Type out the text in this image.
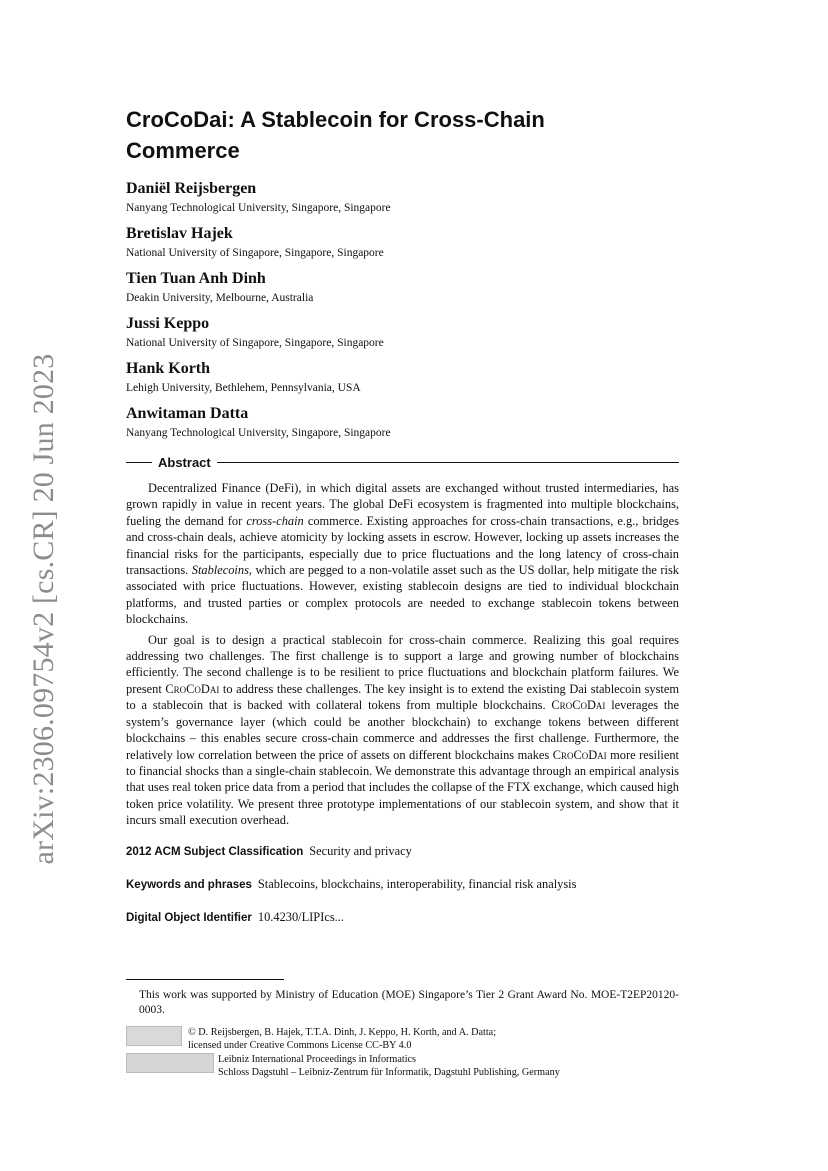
arXiv:2306.09754v2 [cs.CR] 20 Jun 2023
CroCoDai: A Stablecoin for Cross-Chain Commerce
Daniël Reijsbergen
Nanyang Technological University, Singapore, Singapore
Bretislav Hajek
National University of Singapore, Singapore, Singapore
Tien Tuan Anh Dinh
Deakin University, Melbourne, Australia
Jussi Keppo
National University of Singapore, Singapore, Singapore
Hank Korth
Lehigh University, Bethlehem, Pennsylvania, USA
Anwitaman Datta
Nanyang Technological University, Singapore, Singapore
Abstract

Decentralized Finance (DeFi), in which digital assets are exchanged without trusted intermediaries, has grown rapidly in value in recent years. The global DeFi ecosystem is fragmented into multiple blockchains, fueling the demand for cross-chain commerce. Existing approaches for cross-chain transactions, e.g., bridges and cross-chain deals, achieve atomicity by locking assets in escrow. However, locking up assets increases the financial risks for the participants, especially due to price fluctuations and the long latency of cross-chain transactions. Stablecoins, which are pegged to a non-volatile asset such as the US dollar, help mitigate the risk associated with price fluctuations. However, existing stablecoin designs are tied to individual blockchain platforms, and trusted parties or complex protocols are needed to exchange stablecoin tokens between blockchains.

Our goal is to design a practical stablecoin for cross-chain commerce. Realizing this goal requires addressing two challenges. The first challenge is to support a large and growing number of blockchains efficiently. The second challenge is to be resilient to price fluctuations and blockchain platform failures. We present CroCoDai to address these challenges. The key insight is to extend the existing Dai stablecoin system to a stablecoin that is backed with collateral tokens from multiple blockchains. CroCoDai leverages the system’s governance layer (which could be another blockchain) to exchange tokens between different blockchains – this enables secure cross-chain commerce and addresses the first challenge. Furthermore, the relatively low correlation between the price of assets on different blockchains makes CroCoDai more resilient to financial shocks than a single-chain stablecoin. We demonstrate this advantage through an empirical analysis that uses real token price data from a period that includes the collapse of the FTX exchange, which caused high token price volatility. We present three prototype implementations of our stablecoin system, and show that it incurs small execution overhead.

2012 ACM Subject Classification Security and privacy
Keywords and phrases Stablecoins, blockchains, interoperability, financial risk analysis
Digital Object Identifier 10.4230/LIPIcs...
This work was supported by Ministry of Education (MOE) Singapore’s Tier 2 Grant Award No. MOE-T2EP20120-0003.
© D. Reijsbergen, B. Hajek, T.T.A. Dinh, J. Keppo, H. Korth, and A. Datta;
licensed under Creative Commons License CC-BY 4.0
Leibniz International Proceedings in Informatics
Schloss Dagstuhl – Leibniz-Zentrum für Informatik, Dagstuhl Publishing, Germany
